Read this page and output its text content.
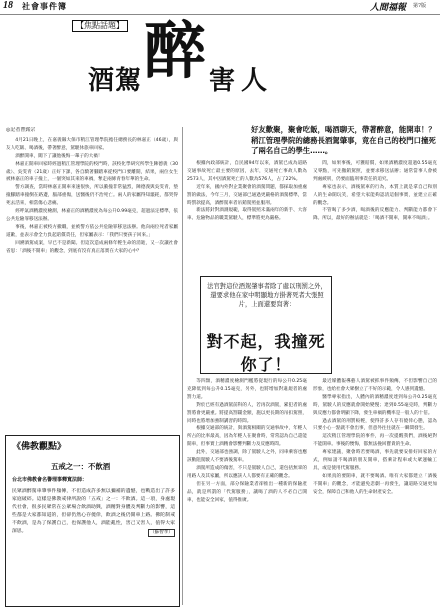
18 社會事件簿	人間福報 第7版
【焦點話題】
酒駕 醉 害人
好友歡聚，聚會吃飯，喝酒聊天，帶著醉意，能開車！？稍江管理學院的總務長酒駕肇事，竟在自己的校門口撞死了兩名自己的學生……。
◎記者曹銘宗

4月21日晚上，在嘉義縣大保市稍江管理學院擔任總務長的林嘉正（46歲），與友人吃飯、喝酒後，帶著醉意，駕駛休旅車回家。

酒醉開車，闖下了讓他後悔一輩子的大禍！

林嘉正開車回家時經過稍江管理學院的校門時，該校化學研究所學生陳德義（30歲）、吳雯青（21歲）正好下課，各自騎著腳踏車從校門口要離開，結果，兩位女生被林嘉正的車子撞上，一個突如其來的車禍，奪走兩條青春年華的生命。

警方調查，當時林嘉正開車來速很快，所以衝撞非常猛烈，陳德義與吳雯青，墊撞腳踏車撞倒在路邊，腦部重傷，送醫後仍不治死亡。兩人的家屬得知噩耗，都哭得死去活來，相當傷心悲痛。

經呼氣酒精濃度檢測，林嘉正的酒精濃度為每公升0.99毫克，超過法定標準，依公共危險罪移送法辦。

事後，林嘉正被校方撤職，並被警方依公共危險罪移送法辦。他向兩位死者家屬道歉，並表示會全力負起賠償責任，但家屬表示：「我們只要孩子回來。」

回溯酒駕成案，早已不是新聞。但這次造成兩條年輕生命的消逝，又一次讓社會省思：「酒後不開車」的觀念，到底有沒有真正落實在大家的心中？

根據內政部統計，自民國94年以來，酒駕已成為道路交通事故死亡最主要的原因，去年，交通死亡事故人數為2573人，其中因酒駕死亡的人數為576人，占了22%。

近年來，國內外對企業聚會的酒駕問題，都採取加重處罰的做法，今年三月，交通部已通過更嚴格的酒駕標準，當時罰款提高，酒醉駕車者吊銷駕照並服刑。

新法將針對酒測規範，取得駕照未滿兩年的新手、大客車、危險物品的職業駕駛人，標準將更為嚴格。

問，如果事後，可獲賠償，如果酒精濃度超過0.55毫克又零點，可先撤銷駕照，並要求移送法辦；通常當事人會被判處緩刑，仍要面臨刑事責任的追究。

專家也表示，酒後駕車的行為，本質上就是拿自己和別人的生命開玩笑，希望大家能夠認清這個事實，並建立正確的觀念。

不管喝了多少酒，喝酒後的反應能力、判斷能力都會下降。所以，最好的辦法就是：「喝酒不開車，開車不喝酒」。

法官對這位酒駕肇事者除了處以刑罰之外，還要求他在家中明顯地方掛著死者大張照片，上面還要寫著：
對不起，我撞死你了！

等四類，酒精濃度檢測門檻將從現行的每公升0.25毫克降低到每公升0.15毫克，另外，也將增加對違規者的處罰力道。

對於已經有過酒駕前科的人，若再次酒駕，累犯者的處罰將會更嚴重。將提高罰鍰金額，施以更長期的吊扣駕照，同時也將增加強制講習的時間。

根據交通部的統計，與酒駕相關的交通事故中，年輕人所占的比率最高，因為年輕人在聚會時，常常認為自己還能開車，但事實上酒精會影響判斷力及反應時間。

此外，交通部也強調，除了駕駛人之外，同車乘客也應該勸阻駕駛人不要酒後駕車。

酒駕所造成的傷害，不只是駕駛人自己，還包括無辜的用路人及其家屬，所以應該人人都要有正確的觀念。

但在另一方面，部分保險業者卻推出一種新的保險產品，就是所謂的「代駕服務」，讓喝了酒的人不必自己開車，也能安全回家，值得推廣。

最近媒體報導藝人酒駕被抓事件頻傳，不但影響自己的形象，也給社會大眾樹立了不好的示範，令人感到遺憾。

醫學專家指出，人體內的酒精濃度達到每公升0.25毫克時，駕駛人的反應就會開始變慢；達到0.55毫克時，判斷力與反應力都會明顯下降，發生車禍的機率是一般人的十倍。

過去酒駕的刑罰較輕，使得許多人存有僥倖心態，認為只要小心一點就不會出事，但意外往往就在一瞬間發生。

這次稍江管理學院的事件，再一次提醒我們，酒後絕對不能開車。事後的懊悔，都無法挽回寶貴的生命。

專家建議，聚會時若要喝酒，事先就要安排好回家的方式，例如請不喝酒的朋友開車，搭乘計程車或大眾運輸工具，或是使用代駕服務。

如果真的要開車，就不要喝酒。唯有大家都建立「酒後不開車」的觀念，才能避免悲劇一再發生，讓道路交通更加安全，保障自己和他人的生命財產安全。

《佛教觀點》
五戒之一：不飲酒
台北市佛教會名譽理事釋寬法師：
民眾酒醉駕車肇事件頻傳，不但造成許多無以彌補的遺憾，也戰造出了許多家庭破碎。這樣是佛教戒律所說的「五戒」之一：不飲酒。這一項，身處現代社會，很多民眾常在公眾場合飲酒助興，酒精對身體及判斷力的影響，這些都是大家都知道的，但卻仍然心存僥倖，飲酒之後仍開車上路。佛陀制戒不飲酒，是為了保護自己，也保護他人，酒能亂性，害己又害人，值得大家深思。	（蘇智孝）
